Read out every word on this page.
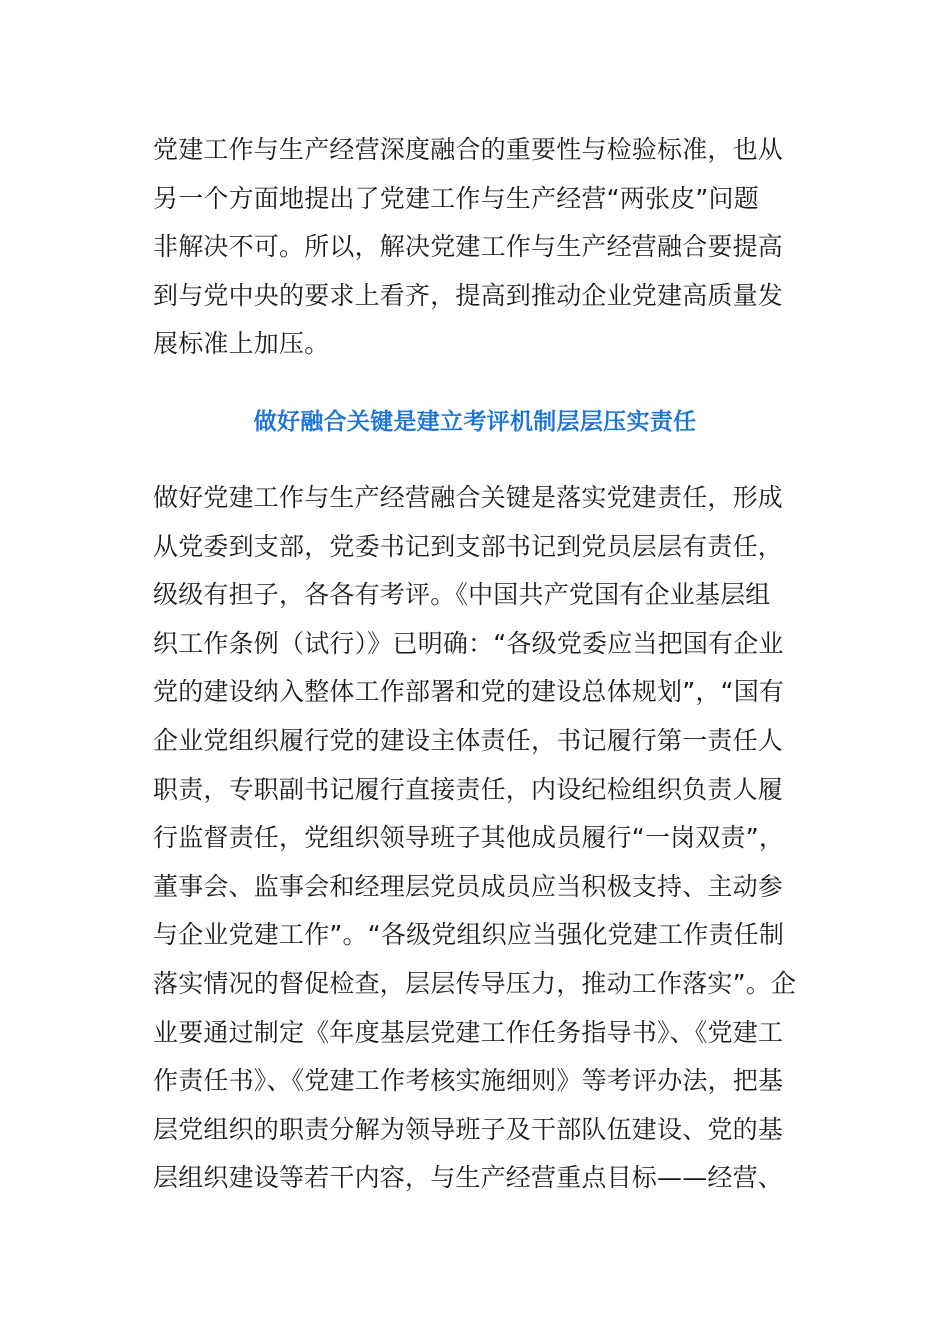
党建工作与生产经营深度融合的重要性与检验标准，也从
另一个方面地提出了党建工作与生产经营“两张皮”问题
非解决不可。所以，解决党建工作与生产经营融合要提高
到与党中央的要求上看齐，提高到推动企业党建高质量发
展标准上加压。

做好融合关键是建立考评机制层层压实责任

做好党建工作与生产经营融合关键是落实党建责任，形成
从党委到支部，党委书记到支部书记到党员层层有责任，
级级有担子，各各有考评。《中国共产党国有企业基层组
织工作条例（试行）》已明确：“各级党委应当把国有企业
党的建设纳入整体工作部署和党的建设总体规划”，“国有
企业党组织履行党的建设主体责任，书记履行第一责任人
职责，专职副书记履行直接责任，内设纪检组织负责人履
行监督责任，党组织领导班子其他成员履行“一岗双责”，
董事会、监事会和经理层党员成员应当积极支持、主动参
与企业党建工作”。“各级党组织应当强化党建工作责任制
落实情况的督促检查，层层传导压力，推动工作落实”。企
业要通过制定《年度基层党建工作任务指导书》、《党建工
作责任书》、《党建工作考核实施细则》等考评办法，把基
层党组织的职责分解为领导班子及干部队伍建设、党的基
层组织建设等若干内容，与生产经营重点目标——经营、
